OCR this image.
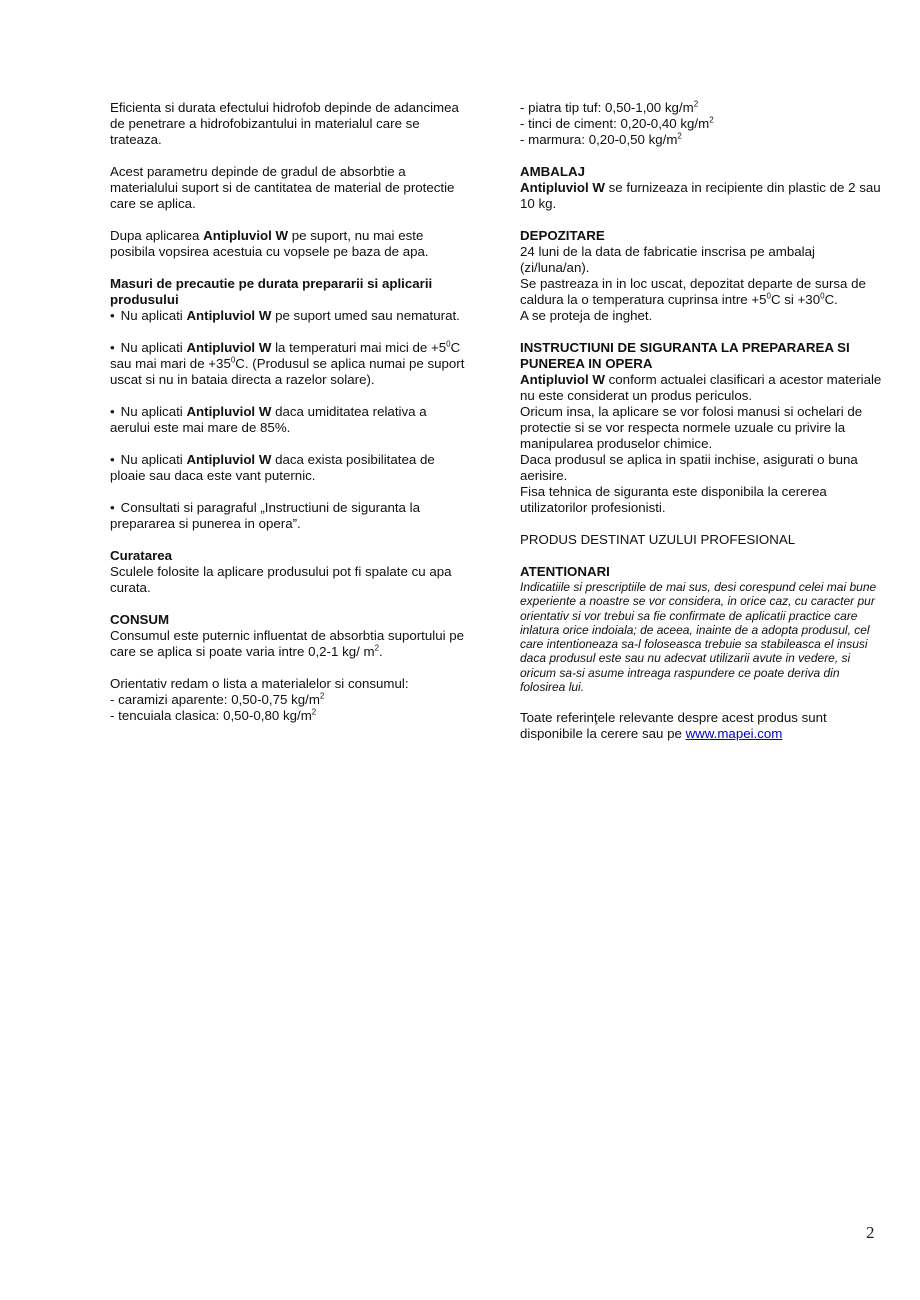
Eficienta si durata efectului hidrofob depinde de adancimea de penetrare a hidrofobizantului in materialul care se trateaza.

Acest parametru depinde de gradul de absorbtie a materialului suport si de cantitatea de material de protectie care se aplica.

Dupa aplicarea Antipluviol W pe suport, nu mai este posibila vopsirea acestuia cu vopsele pe baza de apa.

Masuri de precautie pe durata prepararii si aplicarii produsului
• Nu aplicati Antipluviol W pe suport umed sau nematurat.

• Nu aplicati Antipluviol W la temperaturi mai mici de $+5^0C$ sau mai mari de $+35^0C$. (Produsul se aplica numai pe suport uscat si nu in bataia directa a razelor solare).

• Nu aplicati Antipluviol W daca umiditatea relativa a aerului este mai mare de 85%.

• Nu aplicati Antipluviol W daca exista posibilitatea de ploaie sau daca este vant puternic.

• Consultati si paragraful „Instructiuni de siguranta la prepararea si punerea in opera”.

Curatarea
Sculele folosite la aplicare produsului pot fi spalate cu apa curata.
CONSUM
Consumul este puternic influentat de absorbtia suportului pe care se aplica si poate varia intre 0,2-1 kg/ $m^2$.
Orientativ redam o lista a materialelor si consumul:
- caramizi aparente: 0,50-0,75 $kg/m^2$
- tencuiala clasica: 0,50-0,80 $kg/m^2$
- piatra tip tuf: 0,50-1,00 $kg/m^2$
- tinci de ciment: 0,20-0,40 $kg/m^2$
- marmura: 0,20-0,50 $kg/m^2$
AMBALAJ
Antipluviol W se furnizeaza in recipiente din plastic de 2 sau 10 kg.
DEPOZITARE
24 luni de la data de fabricatie inscrisa pe ambalaj (zi/luna/an).
Se pastreaza in in loc uscat, depozitat departe de sursa de caldura la o temperatura cuprinsa intre $+5^0C$ si $+30^0C$.
A se proteja de inghet.
INSTRUCTIUNI DE SIGURANTA LA PREPARAREA SI PUNEREA IN OPERA
Antipluviol W conform actualei clasificari a acestor materiale nu este considerat un produs periculos.
Oricum insa, la aplicare se vor folosi manusi si ochelari de protectie si se vor respecta normele uzuale cu privire la manipularea produselor chimice.
Daca produsul se aplica in spatii inchise, asigurati o buna aerisire.
Fisa tehnica de siguranta este disponibila la cererea utilizatorilor profesionisti.

PRODUS DESTINAT UZULUI PROFESIONAL

ATENTIONARI
Indicatiile si prescriptiile de mai sus, desi corespund celei mai bune experiente a noastre se vor considera, in orice caz, cu caracter pur orientativ si vor trebui sa fie confirmate de aplicatii practice care inlatura orice indoiala; de aceea, inainte de a adopta produsul, cel care intentioneaza sa-l foloseasca trebuie sa stabileasca el insusi daca produsul este sau nu adecvat utilizarii avute in vedere, si oricum sa-si asume intreaga raspundere ce poate deriva din folosirea lui.

Toate referinţele relevante despre acest produs sunt disponibile la cerere sau pe www.mapei.com

2
